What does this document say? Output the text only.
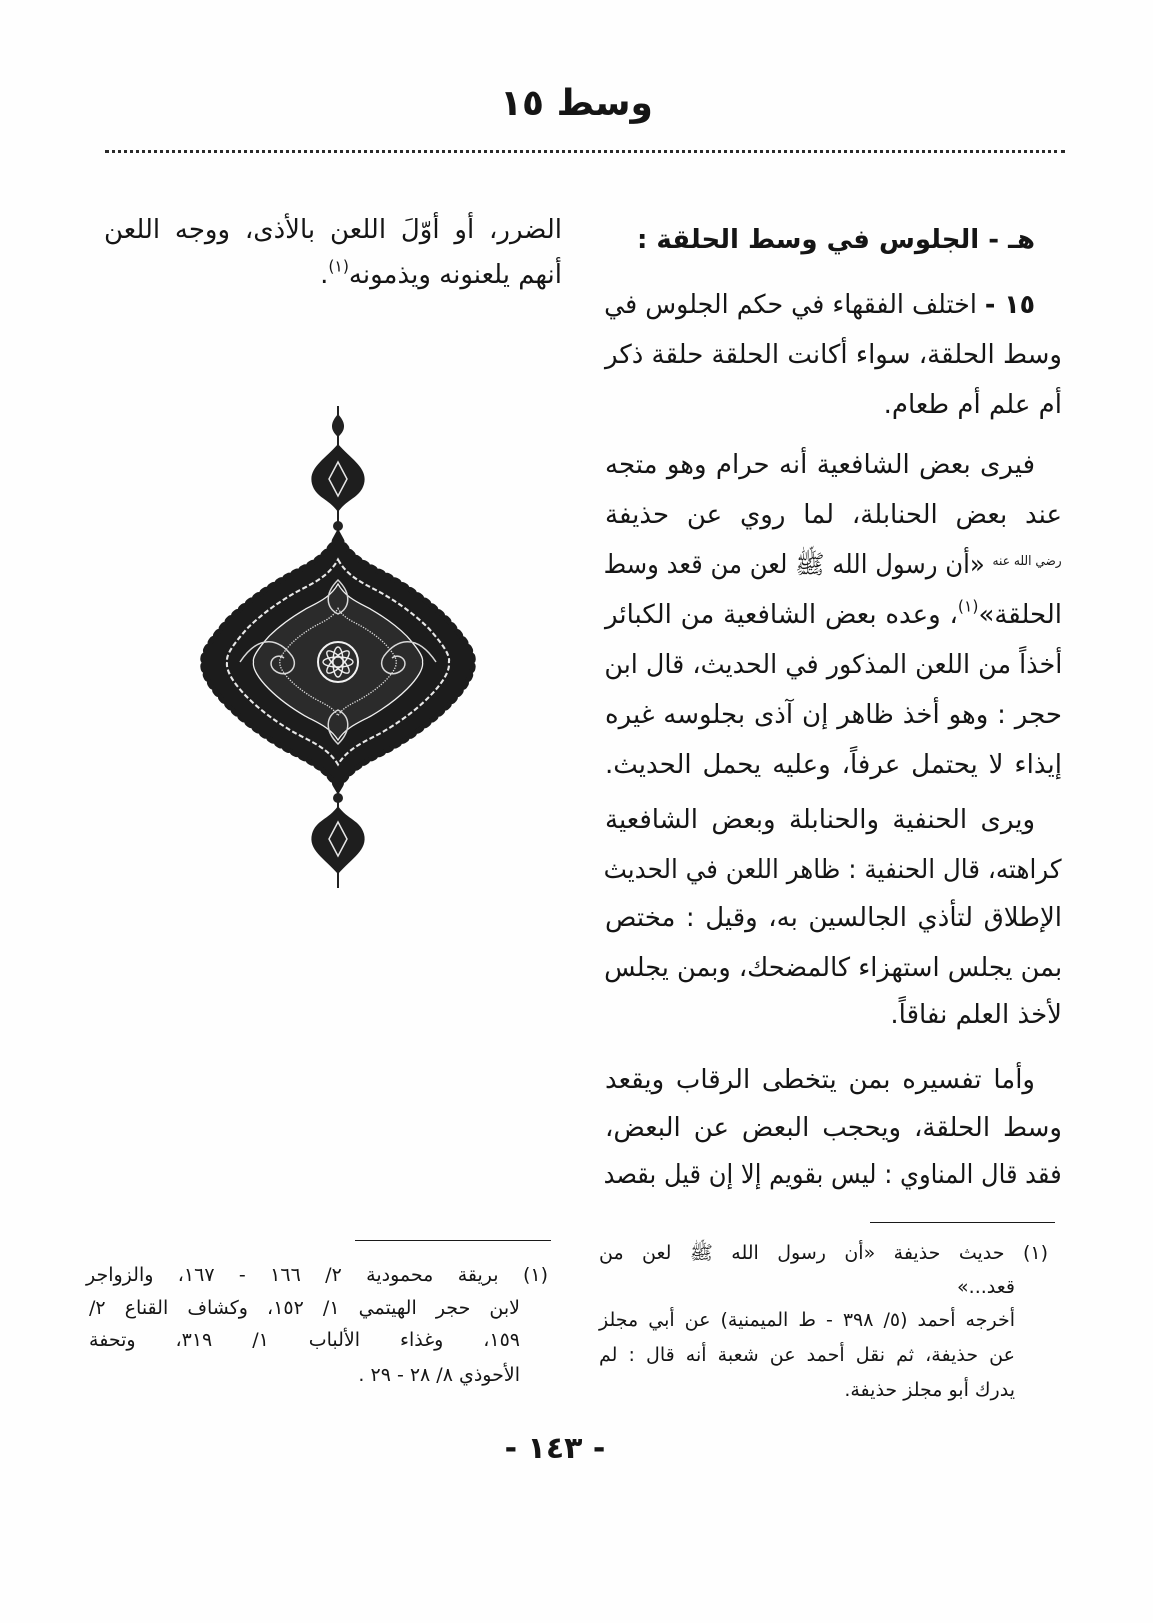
وسط ١٥
هـ - الجلوس في وسط الحلقة :
١٥ - اختلف الفقهاء في حكم الجلوس في
وسط الحلقة، سواء أكانت الحلقة حلقة ذكر
أم علم أم طعام.
فيرى بعض الشافعية أنه حرام وهو متجه
عند بعض الحنابلة، لما روي عن حذيفة
$^{رضي الله عنه}$ «أن رسول الله ﷺ لعن من قعد وسط
الحلقة»$^{(١)}$، وعده بعض الشافعية من الكبائر
أخذاً من اللعن المذكور في الحديث، قال ابن
حجر : وهو أخذ ظاهر إن آذى بجلوسه غيره
إيذاء لا يحتمل عرفاً، وعليه يحمل الحديث.
ويرى الحنفية والحنابلة وبعض الشافعية
كراهته، قال الحنفية : ظاهر اللعن في الحديث
الإطلاق لتأذي الجالسين به، وقيل : مختص
بمن يجلس استهزاء كالمضحك، وبمن يجلس
لأخذ العلم نفاقاً.
وأما تفسيره بمن يتخطى الرقاب ويقعد
وسط الحلقة، ويحجب البعض عن البعض،
فقد قال المناوي : ليس بقويم إلا إن قيل بقصد
(١) حديث حذيفة «أن رسول الله ﷺ لعن من
قعد...»
أخرجه أحمد (٥/ ٣٩٨ - ط الميمنية) عن أبي مجلز
عن حذيفة، ثم نقل أحمد عن شعبة أنه قال : لم
يدرك أبو مجلز حذيفة.
الضرر، أو أوّلَ اللعن بالأذى، ووجه اللعن
أنهم يلعنونه ويذمونه$^{(١)}$.
(١) بريقة محمودية ٢/ ١٦٦ - ١٦٧، والزواجر
لابن حجر الهيتمي ١/ ١٥٢، وكشاف القناع ٢/
١٥٩، وغذاء الألباب ١/ ٣١٩، وتحفة
الأحوذي ٨/ ٢٨ - ٢٩ .
- ١٤٣ -
